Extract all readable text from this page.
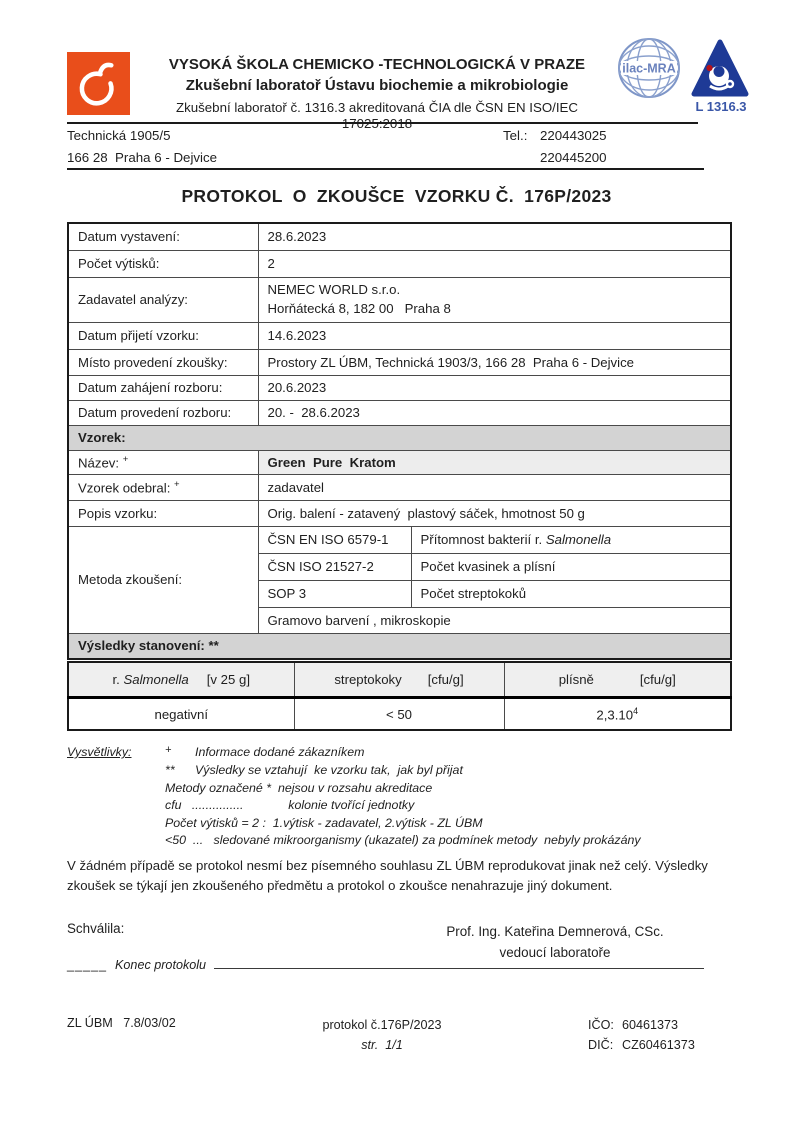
VYSOKÁ ŠKOLA CHEMICKO -TECHNOLOGICKÁ V PRAZE
Zkušební laboratoř Ústavu biochemie a mikrobiologie
Zkušební laboratoř č. 1316.3 akreditovaná ČIA dle ČSN EN ISO/IEC 17025:2018
ilac-MRA
L 1316.3
Technická 1905/5	Tel.: 220443025
166 28  Praha 6 - Dejvice	220445200
PROTOKOL  O  ZKOUŠCE  VZORKU Č.  176P/2023
Datum vystavení:	28.6.2023	
Počet výtisků:	2	
Zadavatel analýzy:	NEMEC WORLD s.r.o.
Horňátecká 8, 182 00   Praha 8	

Datum přijetí vzorku:	14.6.2023	
Místo provedení zkoušky:	Prostory ZL ÚBM, Technická 1903/3, 166 28  Praha 6 - Dejvice	
Datum zahájení rozboru:	20.6.2023	
Datum provedení rozboru:	20. -  28.6.2023	
Vzorek:		
Název: +	Green  Pure  Kratom	
Vzorek odebral: +	zadavatel	
Popis vzorku:	Orig. balení - zatavený  plastový sáček, hmotnost 50 g	
Metoda zkoušení:	ČSN EN ISO 6579-1	Přítomnost bakterií r. Salmonella
	ČSN ISO 21527-2	Počet kvasinek a plísní
	SOP 3	Počet streptokoků
	Gramovo barvení , mikroskopie	
Výsledky stanovení: **		
r. Salmonella [v 25 g]	streptokoky [cfu/g]	plísně [cfu/g]
negativní	< 50	2,3.10$^4$
Vysvětlivky:	+ Informace dodané zákazníkem
** Výsledky se vztahují  ke vzorku tak,  jak byl přijat
Metody označené *  nejsou v rozsahu akreditace
cfu   ...............             kolonie tvořící jednotky
Počet výtisků = 2 :  1.výtisk - zadavatel, 2.výtisk - ZL ÚBM
<50  ...   sledované mikroorganismy (ukazatel) za podmínek metody  nebyly prokázány
V žádném případě se protokol nesmí bez písemného souhlasu ZL ÚBM reprodukovat jinak než celý. Výsledky zkoušek se týkají jen zkoušeného předmětu a protokol o zkoušce nenahrazuje jiný dokument.
Schválila:	Prof. Ing. Kateřina Demnerová, CSc.
vedoucí laboratoře
_____ Konec protokolu
ZL ÚBM   7.8/03/02	protokol č.176P/2023
str.  1/1
IČO: 60461373
DIČ: CZ60461373
